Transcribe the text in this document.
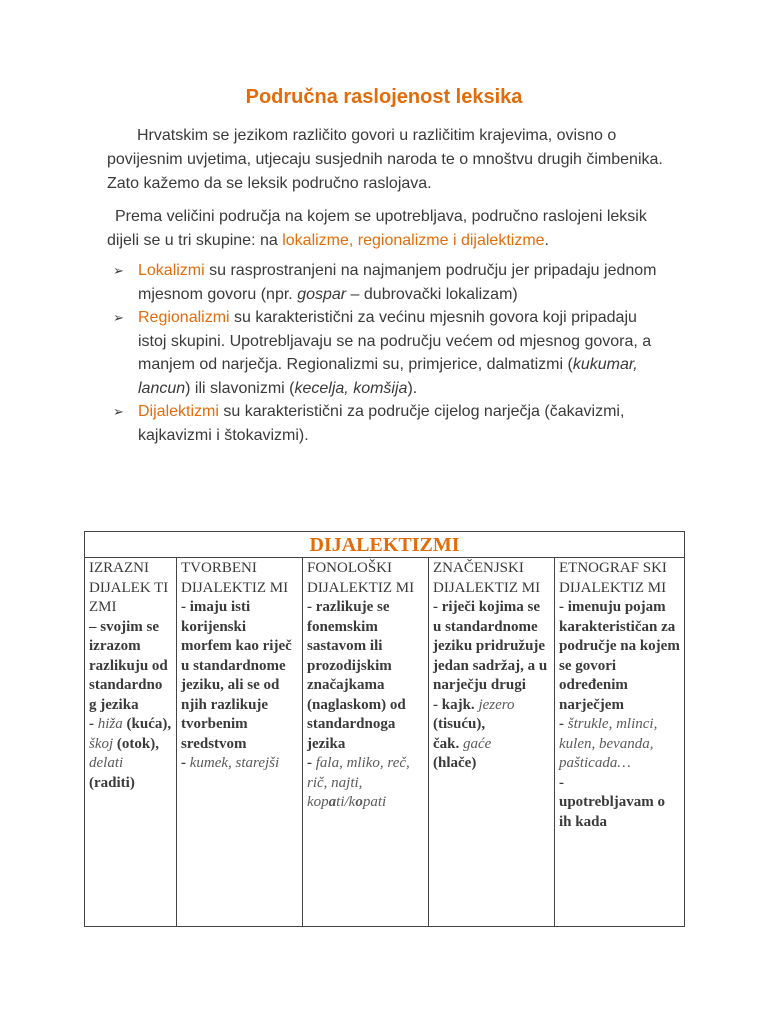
Područna raslojenost leksika

Hrvatskim se jezikom različito govori u različitim krajevima, ovisno o povijesnim uvjetima, utjecaju susjednih naroda te o mnoštvu drugih čimbenika. Zato kažemo da se leksik područno raslojava.

Prema veličini područja na kojem se upotrebljava, područno raslojeni leksik dijeli se u tri skupine: na lokalizme, regionalizme i dijalektizme.

➢ Lokalizmi su rasprostranjeni na najmanjem području jer pripadaju jednom mjesnom govoru (npr. gospar – dubrovački lokalizam)
➢ Regionalizmi su karakteristični za većinu mjesnih govora koji pripadaju istoj skupini. Upotrebljavaju se na području većem od mjesnog govora, a manjem od narječja. Regionalizmi su, primjerice, dalmatizmi (kukumar, lancun) ili slavonizmi (kecelja, komšija).
➢ Dijalektizmi su karakteristični za područje cijelog narječja (čakavizmi, kajkavizmi i štokavizmi).
DIJALEKTIZMI

IZRAZNI DIJALEK TI ZMI
– svojim se izrazom razlikuju od standardno g jezika
- hiža (kuća),
škoj (otok),
delati (raditi)

TVORBENI DIJALEKTIZ MI
- imaju isti korijenski morfem kao riječ u standardnome jeziku, ali se od njih razlikuje tvorbenim sredstvom
- kumek, starejši

FONOLOŠKI DIJALEKTIZ MI
- razlikuje se fonemskim sastavom ili prozodijskim značajkama (naglaskom) od standardnoga jezika
- fala, mliko, reč, rič, najti, kopati/kopati

ZNAČENJSKI DIJALEKTIZ MI
- riječi kojima se u standardnome jeziku pridružuje jedan sadržaj, a u narječju drugi
- kajk. jezero
(tisuću),
čak. gaće
(hlače)

ETNOGRAF SKI DIJALEKTIZ MI
- imenuju pojam karakterističan za područje na kojem se govori određenim narječjem
- štrukle, mlinci, kulen, bevanda, pašticada…
-
upotrebljavam o ih kada
